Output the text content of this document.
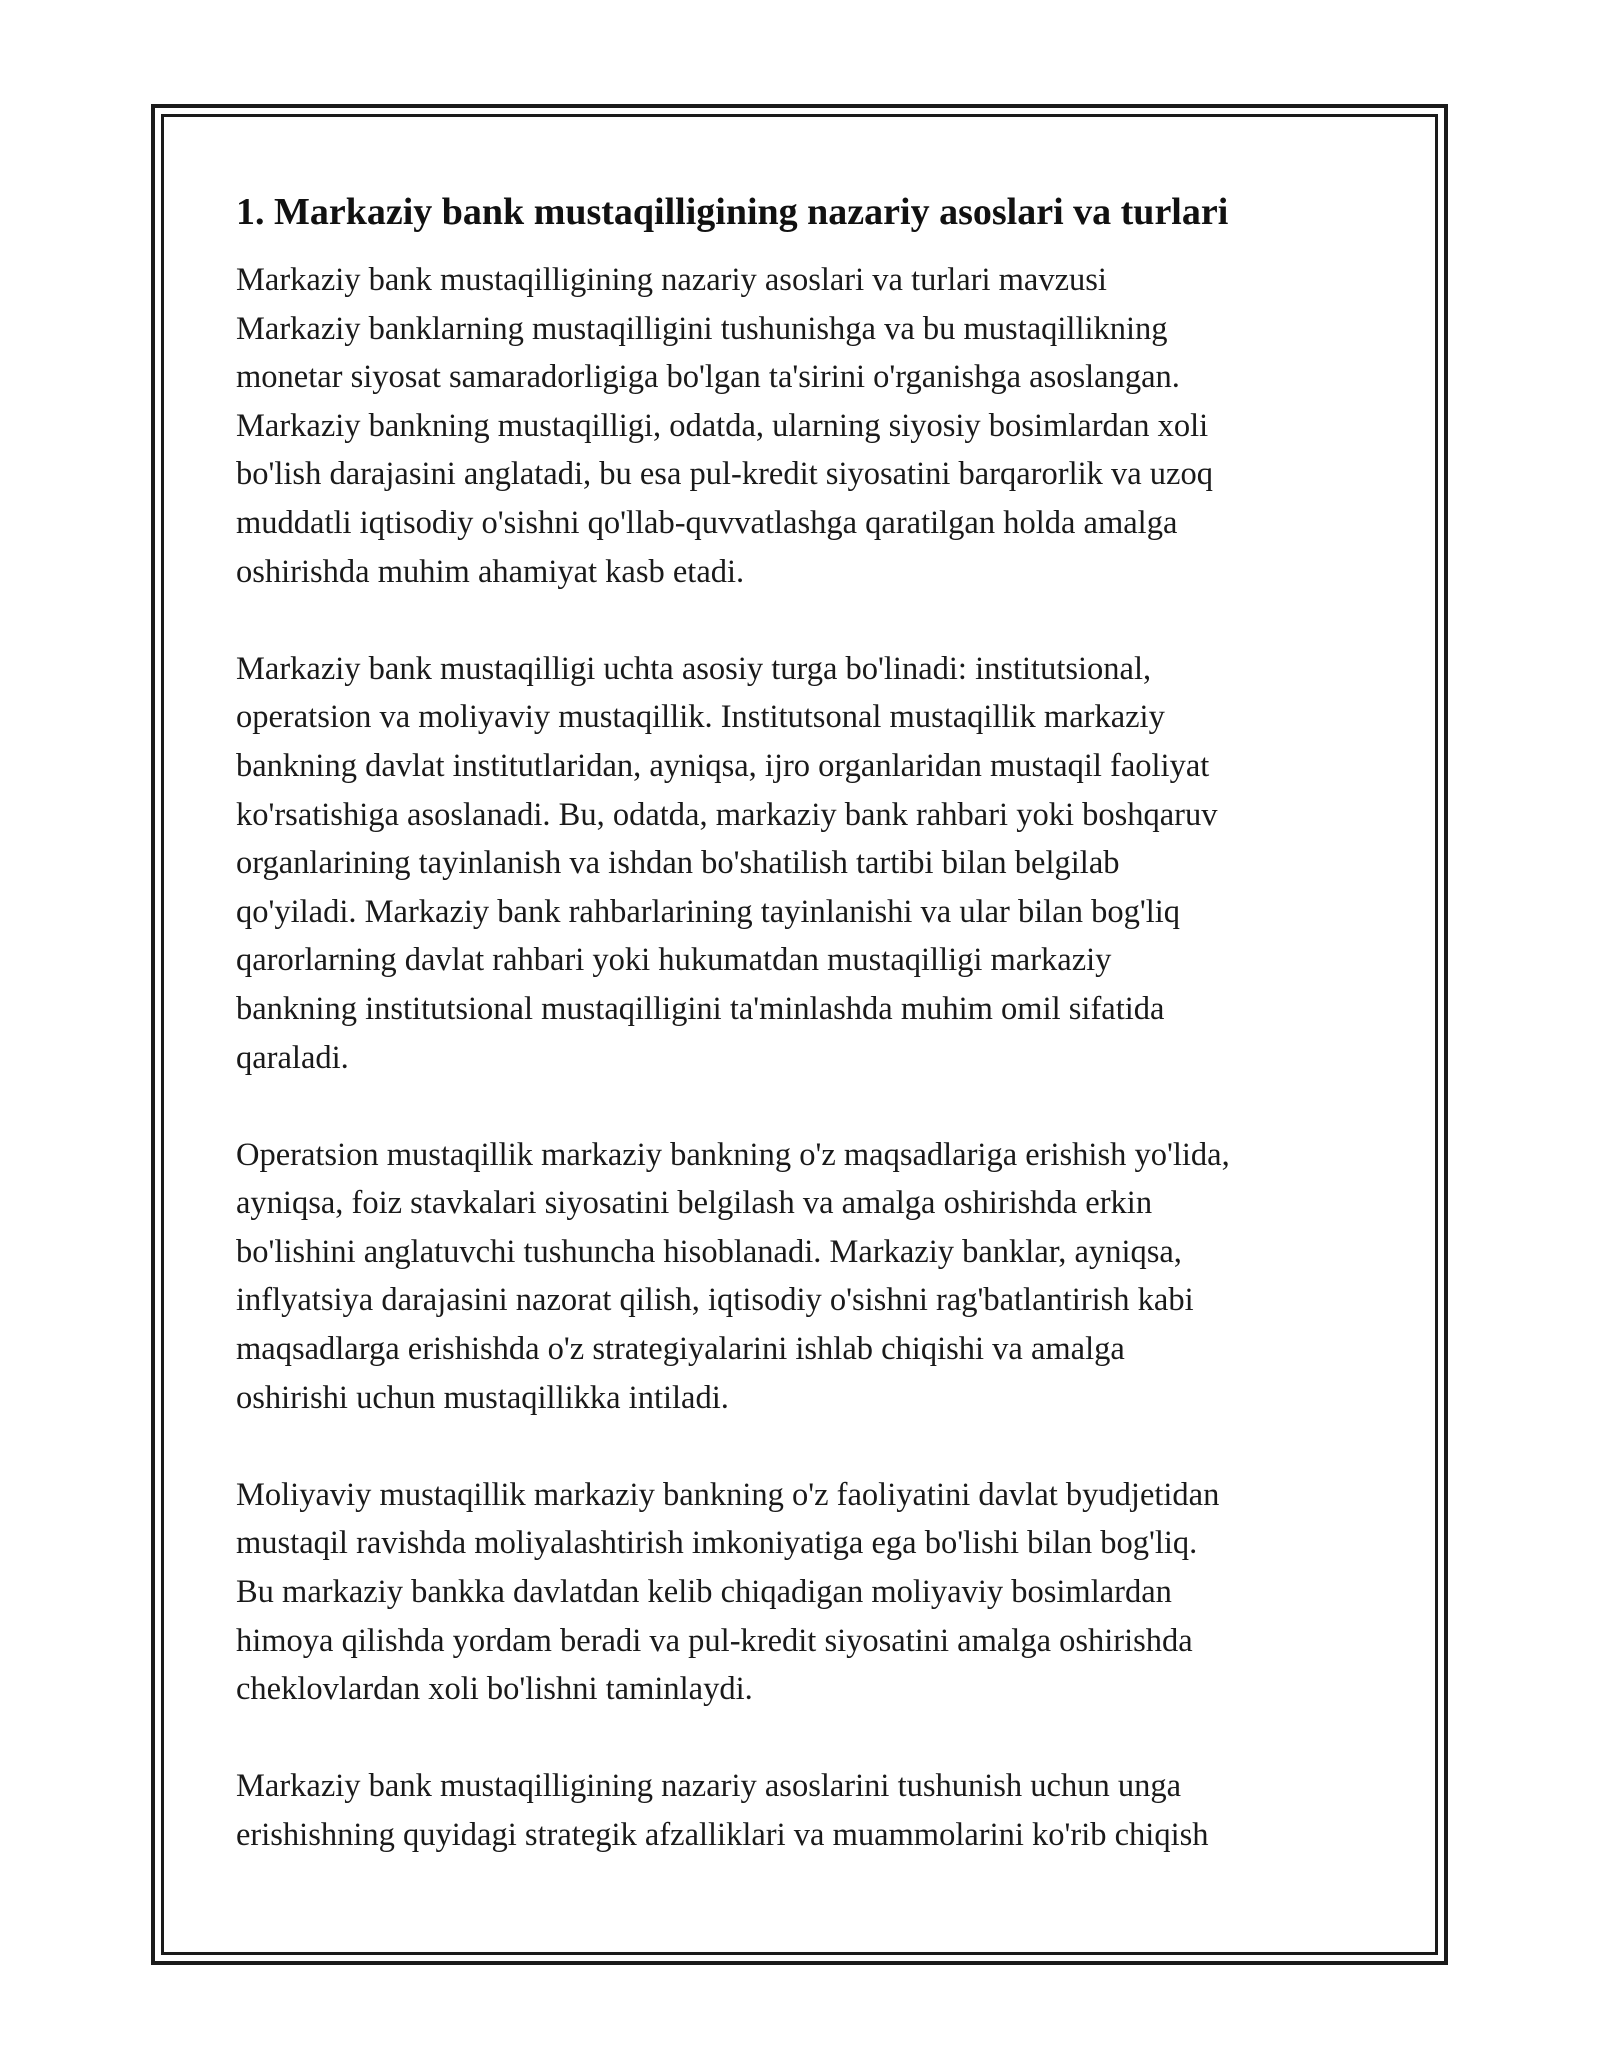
1. Markaziy bank mustaqilligining nazariy asoslari va turlari

Markaziy bank mustaqilligining nazariy asoslari va turlari mavzusi
Markaziy banklarning mustaqilligini tushunishga va bu mustaqillikning
monetar siyosat samaradorligiga bo'lgan ta'sirini o'rganishga asoslangan.
Markaziy bankning mustaqilligi, odatda, ularning siyosiy bosimlardan xoli
bo'lish darajasini anglatadi, bu esa pul-kredit siyosatini barqarorlik va uzoq
muddatli iqtisodiy o'sishni qo'llab-quvvatlashga qaratilgan holda amalga
oshirishda muhim ahamiyat kasb etadi.

Markaziy bank mustaqilligi uchta asosiy turga bo'linadi: institutsional,
operatsion va moliyaviy mustaqillik. Institutsonal mustaqillik markaziy
bankning davlat institutlaridan, ayniqsa, ijro organlaridan mustaqil faoliyat
ko'rsatishiga asoslanadi. Bu, odatda, markaziy bank rahbari yoki boshqaruv
organlarining tayinlanish va ishdan bo'shatilish tartibi bilan belgilab
qo'yiladi. Markaziy bank rahbarlarining tayinlanishi va ular bilan bog'liq
qarorlarning davlat rahbari yoki hukumatdan mustaqilligi markaziy
bankning institutsional mustaqilligini ta'minlashda muhim omil sifatida
qaraladi.

Operatsion mustaqillik markaziy bankning o'z maqsadlariga erishish yo'lida,
ayniqsa, foiz stavkalari siyosatini belgilash va amalga oshirishda erkin
bo'lishini anglatuvchi tushuncha hisoblanadi. Markaziy banklar, ayniqsa,
inflyatsiya darajasini nazorat qilish, iqtisodiy o'sishni rag'batlantirish kabi
maqsadlarga erishishda o'z strategiyalarini ishlab chiqishi va amalga
oshirishi uchun mustaqillikka intiladi.

Moliyaviy mustaqillik markaziy bankning o'z faoliyatini davlat byudjetidan
mustaqil ravishda moliyalashtirish imkoniyatiga ega bo'lishi bilan bog'liq.
Bu markaziy bankka davlatdan kelib chiqadigan moliyaviy bosimlardan
himoya qilishda yordam beradi va pul-kredit siyosatini amalga oshirishda
cheklovlardan xoli bo'lishni taminlaydi.

Markaziy bank mustaqilligining nazariy asoslarini tushunish uchun unga
erishishning quyidagi strategik afzalliklari va muammolarini ko'rib chiqish
